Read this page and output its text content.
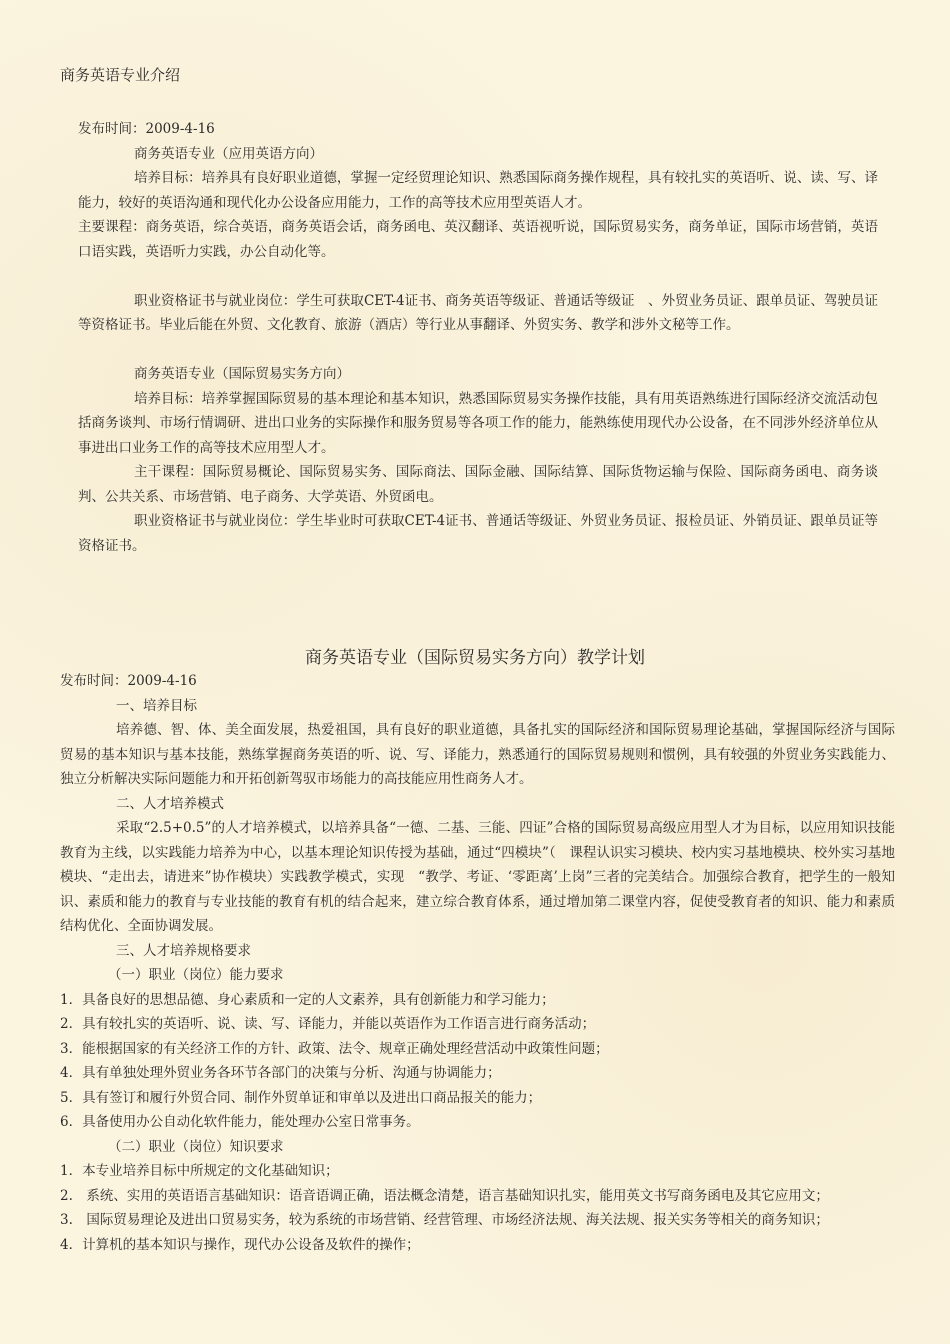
商务英语专业介绍

发布时间：2009-4-16

商务英语专业（应用英语方向）

培养目标：培养具有良好职业道德，掌握一定经贸理论知识、熟悉国际商务操作规程，具有较扎实的英语听、说、读、写、译能力，较好的英语沟通和现代化办公设备应用能力，工作的高等技术应用型英语人才。

主要课程：商务英语，综合英语，商务英语会话，商务函电、英汉翻译、英语视听说，国际贸易实务，商务单证，国际市场营销，英语口语实践，英语听力实践，办公自动化等。

职业资格证书与就业岗位：学生可获取CET-4证书、商务英语等级证、普通话等级证　、外贸业务员证、跟单员证、驾驶员证等资格证书。毕业后能在外贸、文化教育、旅游（酒店）等行业从事翻译、外贸实务、教学和涉外文秘等工作。

商务英语专业（国际贸易实务方向）

培养目标：培养掌握国际贸易的基本理论和基本知识，熟悉国际贸易实务操作技能，具有用英语熟练进行国际经济交流活动包括商务谈判、市场行情调研、进出口业务的实际操作和服务贸易等各项工作的能力，能熟练使用现代办公设备，在不同涉外经济单位从事进出口业务工作的高等技术应用型人才。

主干课程：国际贸易概论、国际贸易实务、国际商法、国际金融、国际结算、国际货物运输与保险、国际商务函电、商务谈判、公共关系、市场营销、电子商务、大学英语、外贸函电。

职业资格证书与就业岗位：学生毕业时可获取CET-4证书、普通话等级证、外贸业务员证、报检员证、外销员证、跟单员证等资格证书。

商务英语专业（国际贸易实务方向）教学计划

发布时间：2009-4-16

一、培养目标

培养德、智、体、美全面发展，热爱祖国，具有良好的职业道德，具备扎实的国际经济和国际贸易理论基础，掌握国际经济与国际贸易的基本知识与基本技能，熟练掌握商务英语的听、说、写、译能力，熟悉通行的国际贸易规则和惯例，具有较强的外贸业务实践能力、独立分析解决实际问题能力和开拓创新驾驭市场能力的高技能应用性商务人才。

二、人才培养模式

采取“2.5+0.5”的人才培养模式，以培养具备“一德、二基、三能、四证”合格的国际贸易高级应用型人才为目标，以应用知识技能教育为主线，以实践能力培养为中心，以基本理论知识传授为基础，通过“四模块”（　课程认识实习模块、校内实习基地模块、校外实习基地模块、“走出去，请进来”协作模块）实践教学模式，实现　“教学、考证、‘零距离’上岗”三者的完美结合。加强综合教育，把学生的一般知识、素质和能力的教育与专业技能的教育有机的结合起来，建立综合教育体系，通过增加第二课堂内容，促使受教育者的知识、能力和素质结构优化、全面协调发展。

三、人才培养规格要求

（一）职业（岗位）能力要求

1．具备良好的思想品德、身心素质和一定的人文素养，具有创新能力和学习能力；

2．具有较扎实的英语听、说、读、写、译能力，并能以英语作为工作语言进行商务活动；

3．能根据国家的有关经济工作的方针、政策、法令、规章正确处理经营活动中政策性问题；

4．具有单独处理外贸业务各环节各部门的决策与分析、沟通与协调能力；

5．具有签订和履行外贸合同、制作外贸单证和审单以及进出口商品报关的能力；

6．具备使用办公自动化软件能力，能处理办公室日常事务。

（二）职业（岗位）知识要求

1．本专业培养目标中所规定的文化基础知识；

2.　系统、实用的英语语言基础知识：语音语调正确，语法概念清楚，语言基础知识扎实，能用英文书写商务函电及其它应用文；

3.　国际贸易理论及进出口贸易实务，较为系统的市场营销、经营管理、市场经济法规、海关法规、报关实务等相关的商务知识；

4．计算机的基本知识与操作，现代办公设备及软件的操作；
